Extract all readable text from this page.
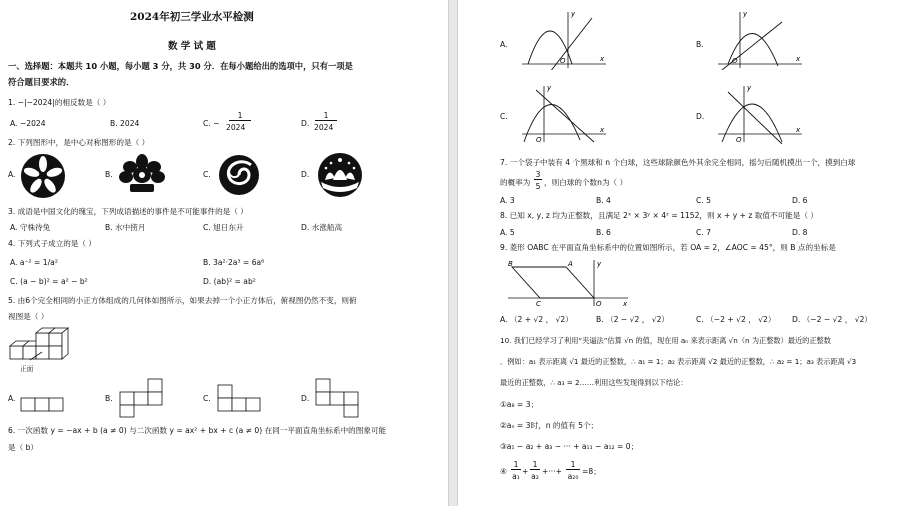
2024年初三学业水平检测
数 学 试 题
一、选择题：本题共 10 小题，每小题 3 分，共 30 分．在每小题给出的选项中，只有一项是
符合题目要求的．
1. −|−2024|的相反数是（ ）
A. −2024	B. 2024	C. −
1
2024	D.
1
2024
2. 下列图形中，是中心对称图形的是（ ）
A.	B.	C.	D.
3. 成语是中国文化的瑰宝，下列成语描述的事件是不可能事件的是（ ）
A. 守株待兔	B. 水中捞月	C. 旭日东升	D. 水涨船高
4. 下列式子成立的是（ ）
A. a⁻² = 1/a²	B. 3a²·2a³ = 6a⁶
C. (a − b)² = a² − b²	D. (ab)² = ab²
5. 由6个完全相同的小正方体组成的几何体如图所示，如果去掉一个小正方体后，俯视图仍然不变，则俯
视图是（ ）
正面
A.	B.	C.	D.
6. 一次函数 y = −ax + b (a ≠ 0) 与二次函数 y = ax² + bx + c (a ≠ 0) 在同一平面直角坐标系中的图象可能
是（ b）
A.
y
x
O
B.
y
x
O
C.
y
x
O
D.
y
x
O
7. 一个袋子中装有 4 个黑球和 n 个白球，这些球除颜色外其余完全相同，摇匀后随机摸出一个，摸到白球
的概率为
3
5 ，则白球的个数n为（ ）
A. 3	B. 4	C. 5	D. 6
8. 已知 x, y, z 均为正整数，且满足 2ˣ × 3ʸ × 4ᶻ = 1152，则 x + y + z 取值不可能是（ ）
A. 5	B. 6	C. 7	D. 8
9. 菱形 OABC 在平面直角坐标系中的位置如图所示，若 OA = 2，∠AOC = 45°，则 B 点的坐标是
B	A
C	O	x
y
A. （2 + √2 ， √2）	B. （2 − √2 ， √2）	C. （−2 + √2 ， √2） D. （−2 − √2 ， √2）
10. 我们已经学习了利用“夹逼法”估算 √n 的值，现在用 aₙ 来表示距离 √n（n 为正整数）最近的正整数
．例如：a₁ 表示距离 √1 最近的正整数，∴ a₁ = 1；a₂ 表示距离 √2 最近的正整数，∴ a₂ = 1；a₃ 表示距离 √3
最近的正整数，∴ a₃ = 2……利用这些发现得到以下结论：
①a₈ = 3；
②aₙ = 3时，n 的值有 5个；
③a₁ − a₂ + a₃ − ··· + a₁₁ − a₁₂ = 0；
④
1
a₁
+
1
a₂
+···+
1
a₂₀
=8；
